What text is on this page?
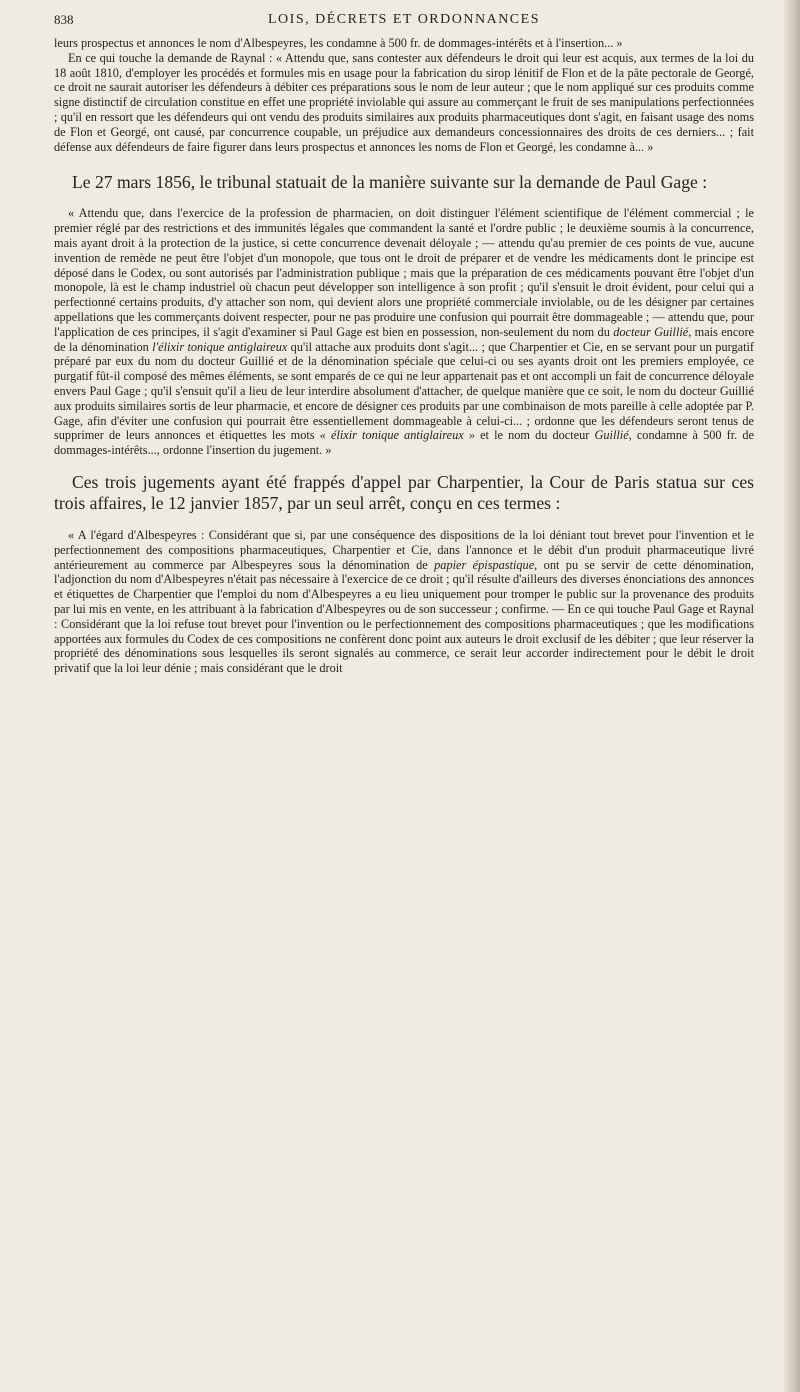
838	LOIS, DÉCRETS ET ORDONNANCES

leurs prospectus et annonces le nom d'Albespeyres, les condamne à 500 fr. de dommages-intérêts et à l'insertion... »

En ce qui touche la demande de Raynal : « Attendu que, sans contester aux défendeurs le droit qui leur est acquis, aux termes de la loi du 18 août 1810, d'employer les procédés et formules mis en usage pour la fabrication du sirop lénitif de Flon et de la pâte pectorale de Georgé, ce droit ne saurait autoriser les défendeurs à débiter ces préparations sous le nom de leur auteur ; que le nom appliqué sur ces produits comme signe distinctif de circulation constitue en effet une propriété inviolable qui assure au commerçant le fruit de ses manipulations perfectionnées ; qu'il en ressort que les défendeurs qui ont vendu des produits similaires aux produits pharmaceutiques dont s'agit, en faisant usage des noms de Flon et Georgé, ont causé, par concurrence coupable, un préjudice aux demandeurs concessionnaires des droits de ces derniers... ; fait défense aux défendeurs de faire figurer dans leurs prospectus et annonces les noms de Flon et Georgé, les condamne à... »

Le 27 mars 1856, le tribunal statuait de la manière suivante sur la demande de Paul Gage :

« Attendu que, dans l'exercice de la profession de pharmacien, on doit distinguer l'élément scientifique de l'élément commercial ; le premier réglé par des restrictions et des immunités légales que commandent la santé et l'ordre public ; le deuxième soumis à la concurrence, mais ayant droit à la protection de la justice, si cette concurrence devenait déloyale ; — attendu qu'au premier de ces points de vue, aucune invention de remède ne peut être l'objet d'un monopole, que tous ont le droit de préparer et de vendre les médicaments dont le principe est déposé dans le Codex, ou sont autorisés par l'administration publique ; mais que la préparation de ces médicaments pouvant être l'objet d'un monopole, là est le champ industriel où chacun peut développer son intelligence à son profit ; qu'il s'ensuit le droit évident, pour celui qui a perfectionné certains produits, d'y attacher son nom, qui devient alors une propriété commerciale inviolable, ou de les désigner par certaines appellations que les commerçants doivent respecter, pour ne pas produire une confusion qui pourrait être dommageable ; — attendu que, pour l'application de ces principes, il s'agit d'examiner si Paul Gage est bien en possession, non-seulement du nom du docteur Guillié, mais encore de la dénomination l'élixir tonique antiglaireux qu'il attache aux produits dont s'agit... ; que Charpentier et Cie, en se servant pour un purgatif préparé par eux du nom du docteur Guillié et de la dénomination spéciale que celui-ci ou ses ayants droit ont les premiers employée, ce purgatif fût-il composé des mêmes éléments, se sont emparés de ce qui ne leur appartenait pas et ont accompli un fait de concurrence déloyale envers Paul Gage ; qu'il s'ensuit qu'il a lieu de leur interdire absolument d'attacher, de quelque manière que ce soit, le nom du docteur Guillié aux produits similaires sortis de leur pharmacie, et encore de désigner ces produits par une combinaison de mots pareille à celle adoptée par P. Gage, afin d'éviter une confusion qui pourrait être essentiellement dommageable à celui-ci... ; ordonne que les défendeurs seront tenus de supprimer de leurs annonces et étiquettes les mots « élixir tonique antiglaireux » et le nom du docteur Guillié, condamne à 500 fr. de dommages-intérêts..., ordonne l'insertion du jugement. »

Ces trois jugements ayant été frappés d'appel par Charpentier, la Cour de Paris statua sur ces trois affaires, le 12 janvier 1857, par un seul arrêt, conçu en ces termes :

« A l'égard d'Albespeyres : Considérant que si, par une conséquence des dispositions de la loi déniant tout brevet pour l'invention et le perfectionnement des compositions pharmaceutiques, Charpentier et Cie, dans l'annonce et le débit d'un produit pharmaceutique livré antérieurement au commerce par Albespeyres sous la dénomination de papier épispastique, ont pu se servir de cette dénomination, l'adjonction du nom d'Albespeyres n'était pas nécessaire à l'exercice de ce droit ; qu'il résulte d'ailleurs des diverses énonciations des annonces et étiquettes de Charpentier que l'emploi du nom d'Albespeyres a eu lieu uniquement pour tromper le public sur la provenance des produits par lui mis en vente, en les attribuant à la fabrication d'Albespeyres ou de son successeur ; confirme. — En ce qui touche Paul Gage et Raynal : Considérant que la loi refuse tout brevet pour l'invention ou le perfectionnement des compositions pharmaceutiques ; que les modifications apportées aux formules du Codex de ces compositions ne confèrent donc point aux auteurs le droit exclusif de les débiter ; que leur réserver la propriété des dénominations sous lesquelles ils seront signalés au commerce, ce serait leur accorder indirectement pour le débit le droit privatif que la loi leur dénie ; mais considérant que le droit
